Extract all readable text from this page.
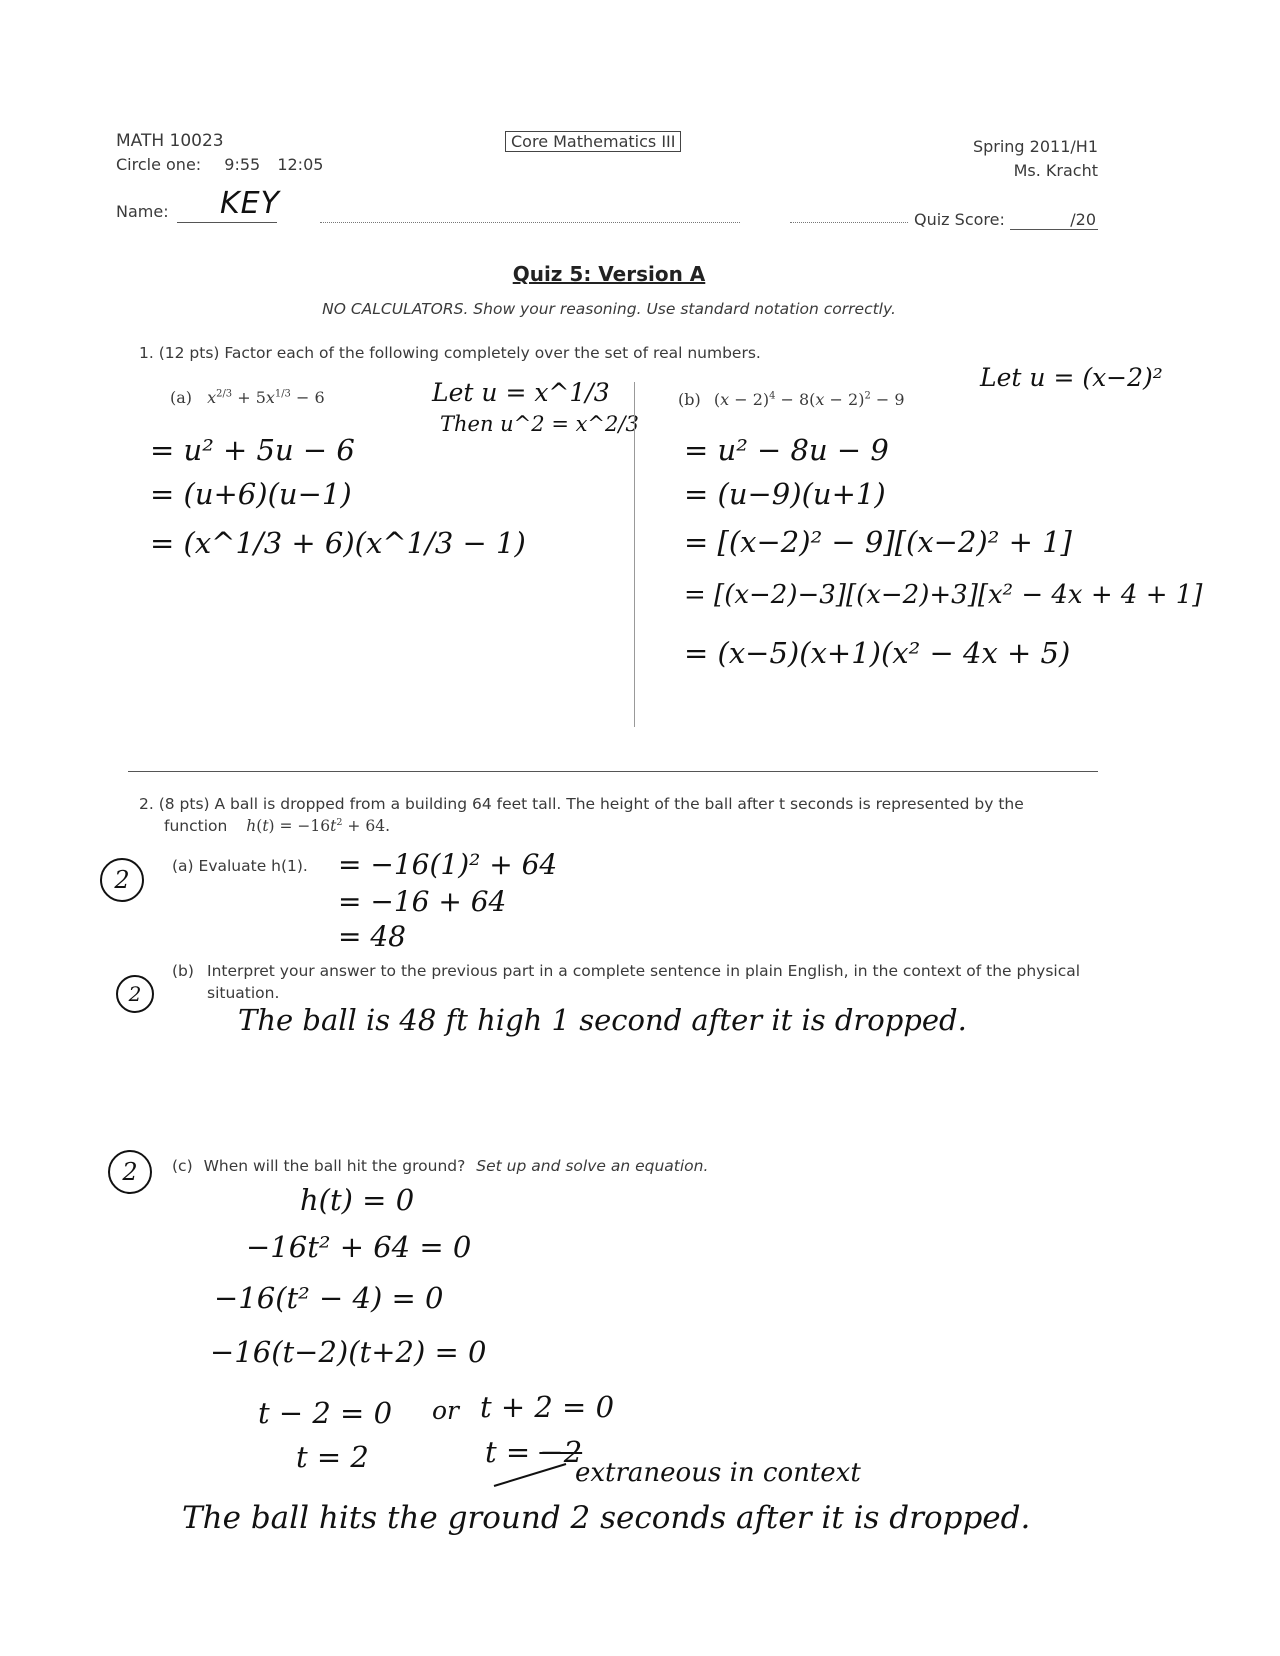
MATH 10023
Circle one: 9:55 12:05
Core Mathematics III	Spring 2011/H1
Ms. Kracht
Name: KEY	Quiz Score:	/20
Quiz 5: Version A
NO CALCULATORS. Show your reasoning. Use standard notation correctly.
1. (12 pts) Factor each of the following completely over the set of real numbers.
(a) $x^{2/3} + 5x^{1/3} - 6$	Let u = x^1/3
Then u^2 = x^2/3
= u² + 5u − 6
= (u+6)(u−1)
= (x^1/3 + 6)(x^1/3 − 1)
(b) $(x - 2)^4 - 8(x - 2)^2 - 9$
Let u = (x−2)²
= u² − 8u − 9
= (u−9)(u+1)
= [(x−2)² − 9][(x−2)² + 1]
= [(x−2)−3][(x−2)+3][x² − 4x + 4 + 1]
= (x−5)(x+1)(x² − 4x + 5)
2. (8 pts) A ball is dropped from a building 64 feet tall. The height of the ball after t seconds is represented by the
function $h(t) = -16t^2 + 64$.
2	(a) Evaluate h(1). = −16(1)² + 64
= −16 + 64
= 48
2
(b) Interpret your answer to the previous part in a complete sentence in plain English, in the context of the physical
situation.
The ball is 48 ft high 1 second after it is dropped.
2	(c) When will the ball hit the ground? Set up and solve an equation.
h(t) = 0
−16t² + 64 = 0
−16(t² − 4) = 0
−16(t−2)(t+2) = 0
t − 2 = 0 or t + 2 = 0
t = 2	t = −2
extraneous in context
The ball hits the ground 2 seconds after it is dropped.
